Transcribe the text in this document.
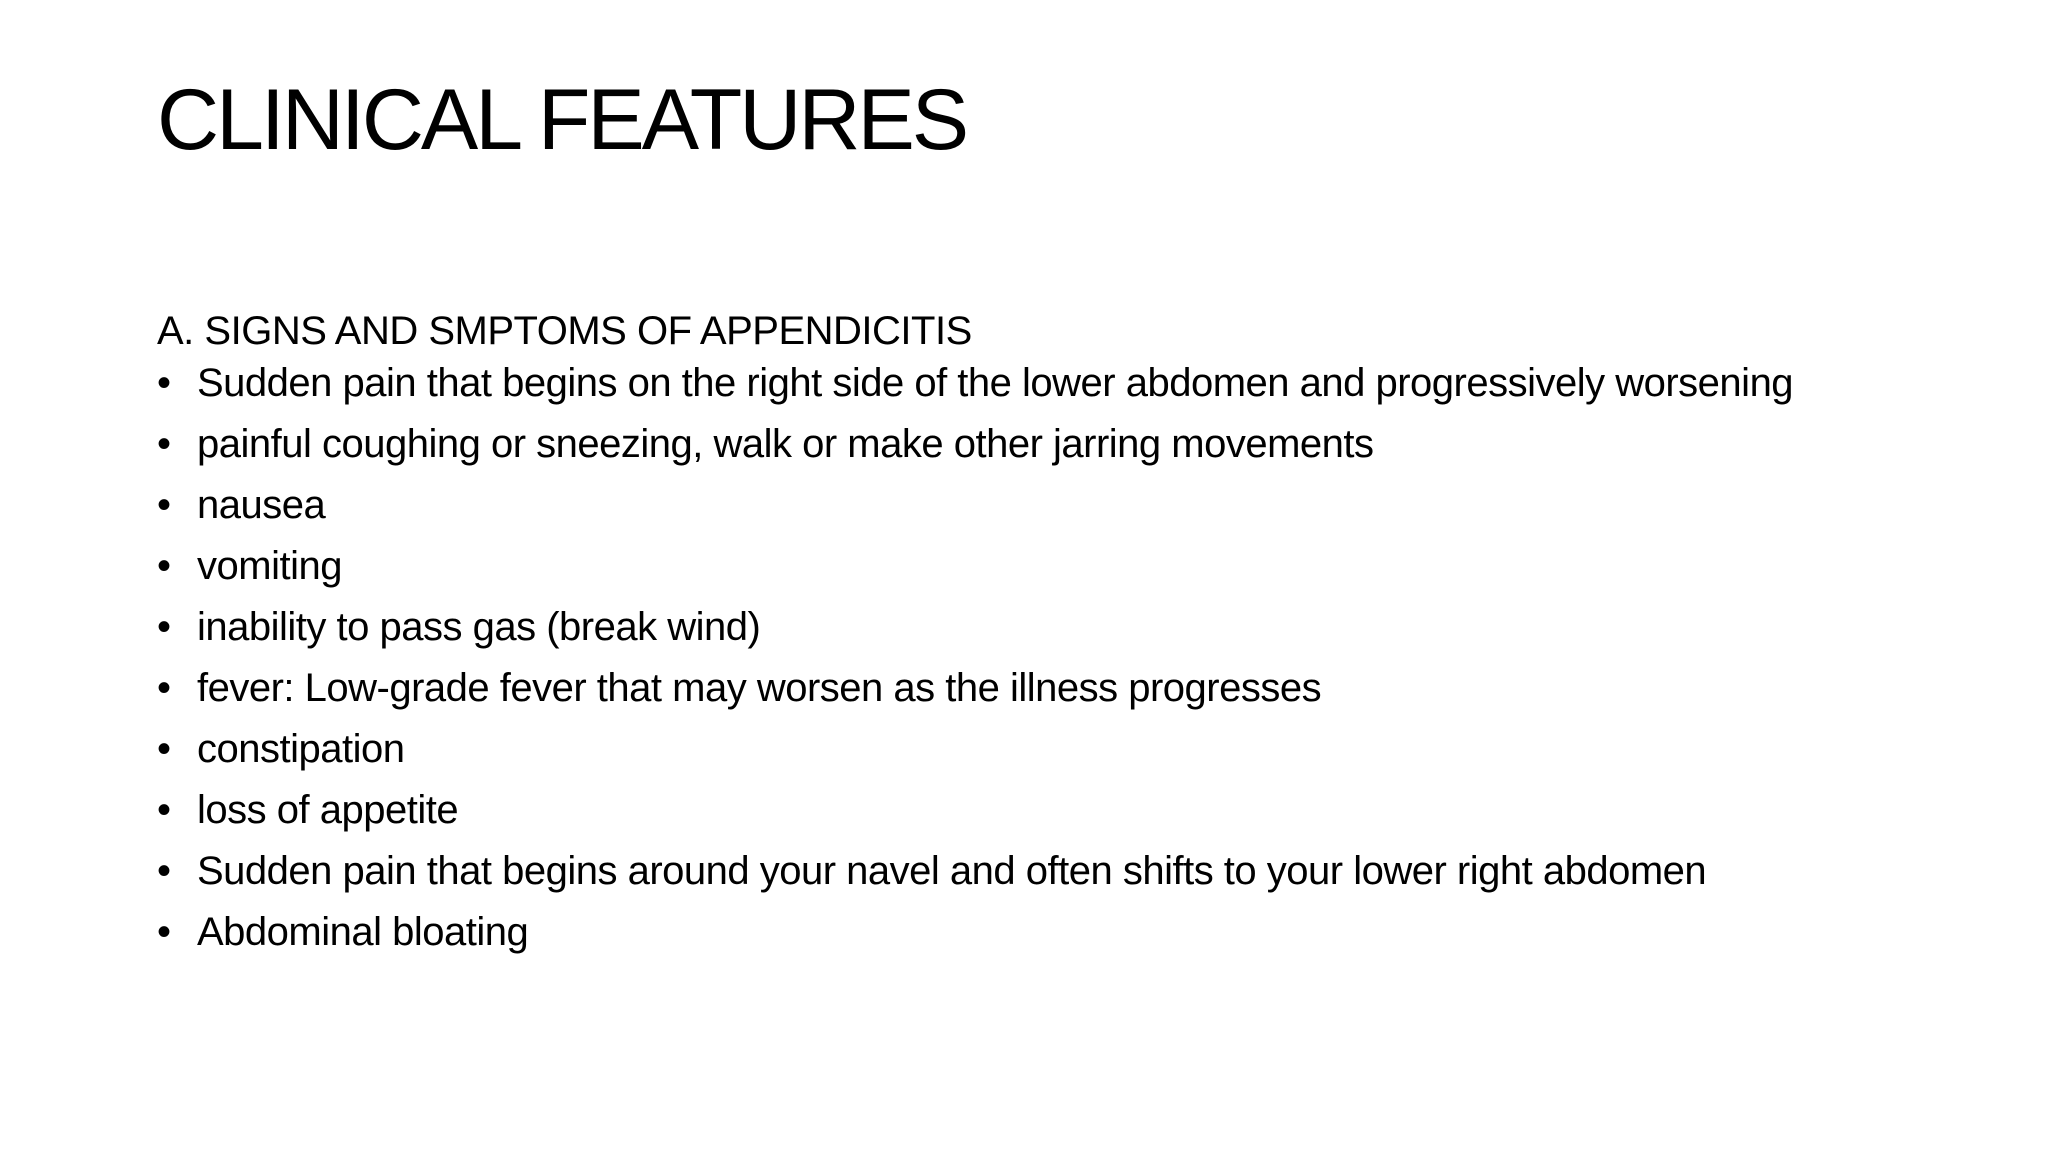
CLINICAL FEATURES

A. SIGNS AND SMPTOMS OF APPENDICITIS

• Sudden pain that begins on the right side of the lower abdomen and progressively worsening
• painful coughing or sneezing, walk or make other jarring movements
• nausea
• vomiting
• inability to pass gas (break wind)
• fever: Low-grade fever that may worsen as the illness progresses
• constipation
• loss of appetite
• Sudden pain that begins around your navel and often shifts to your lower right abdomen
• Abdominal bloating
